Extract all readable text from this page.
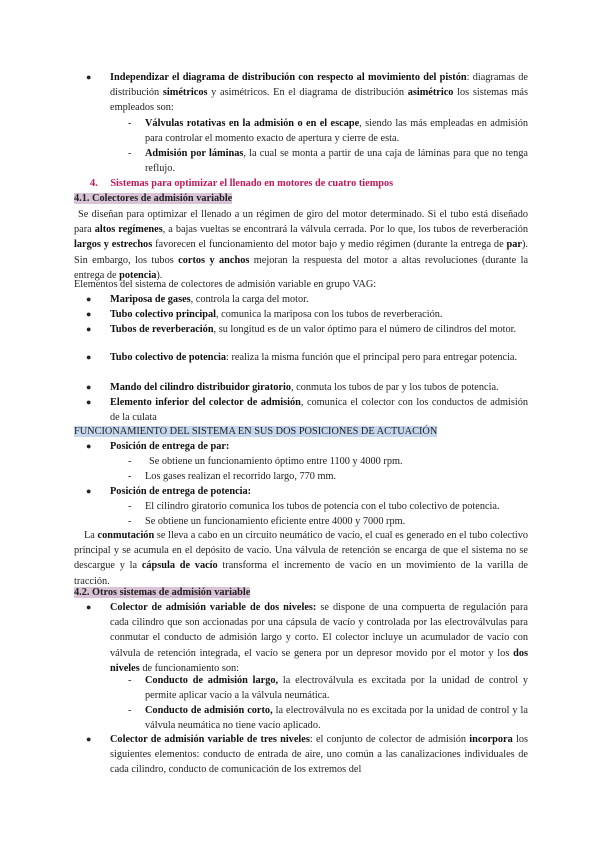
● Independizar el diagrama de distribución con respecto al movimiento del pistón: diagramas de distribución simétricos y asimétricos. En el diagrama de distribución asimétrico los sistemas más empleados son:

- Válvulas rotativas en la admisión o en el escape, siendo las más empleadas en admisión para controlar el momento exacto de apertura y cierre de esta.

- Admisión por láminas, la cual se monta a partir de una caja de láminas para que no tenga reflujo.

4. Sistemas para optimizar el llenado en motores de cuatro tiempos
4.1. Colectores de admisión variable

Se diseñan para optimizar el llenado a un régimen de giro del motor determinado. Si el tubo está diseñado para altos regímenes, a bajas vueltas se encontrará la válvula cerrada. Por lo que, los tubos de reverberación largos y estrechos favorecen el funcionamiento del motor bajo y medio régimen (durante la entrega de par). Sin embargo, los tubos cortos y anchos mejoran la respuesta del motor a altas revoluciones (durante la entrega de potencia).

Elementos del sistema de colectores de admisión variable en grupo VAG:

● Mariposa de gases, controla la carga del motor.

● Tubo colectivo principal, comunica la mariposa con los tubos de reverberación.

● Tubos de reverberación, su longitud es de un valor óptimo para el número de cilindros del motor.

● Tubo colectivo de potencia: realiza la misma función que el principal pero para entregar potencia.

● Mando del cilindro distribuidor giratorio, conmuta los tubos de par y los tubos de potencia.

● Elemento inferior del colector de admisión, comunica el colector con los conductos de admisión de la culata

FUNCIONAMIENTO DEL SISTEMA EN SUS DOS POSICIONES DE ACTUACIÓN
● Posición de entrega de par:

-	Se obtiene un funcionamiento óptimo entre 1100 y 4000 rpm.

- Los gases realizan el recorrido largo, 770 mm.

● Posición de entrega de potencia:

- El cilindro giratorio comunica los tubos de potencia con el tubo colectivo de potencia.

- Se obtiene un funcionamiento eficiente entre 4000 y 7000 rpm.

La conmutación se lleva a cabo en un circuito neumático de vacío, el cual es generado en el tubo colectivo principal y se acumula en el depósito de vacío. Una válvula de retención se encarga de que el sistema no se descargue y la cápsula de vacío transforma el incremento de vacío en un movimiento de la varilla de tracción.

4.2. Otros sistemas de admisión variable
● Colector de admisión variable de dos niveles: se dispone de una compuerta de regulación para cada cilindro que son accionadas por una cápsula de vacío y controlada por las electroválvulas para conmutar el conducto de admisión largo y corto. El colector incluye un acumulador de vacío con válvula de retención integrada, el vacío se genera por un depresor movido por el motor y los dos niveles de funcionamiento son:

- Conducto de admisión largo, la electroválvula es excitada por la unidad de control y permite aplicar vacío a la válvula neumática.

- Conducto de admisión corto, la electroválvula no es excitada por la unidad de control y la válvula neumática no tiene vacío aplicado.

● Colector de admisión variable de tres niveles: el conjunto de colector de admisión incorpora los siguientes elementos: conducto de entrada de aire, uno común a las canalizaciones individuales de cada cilindro, conducto de comunicación de los extremos del
